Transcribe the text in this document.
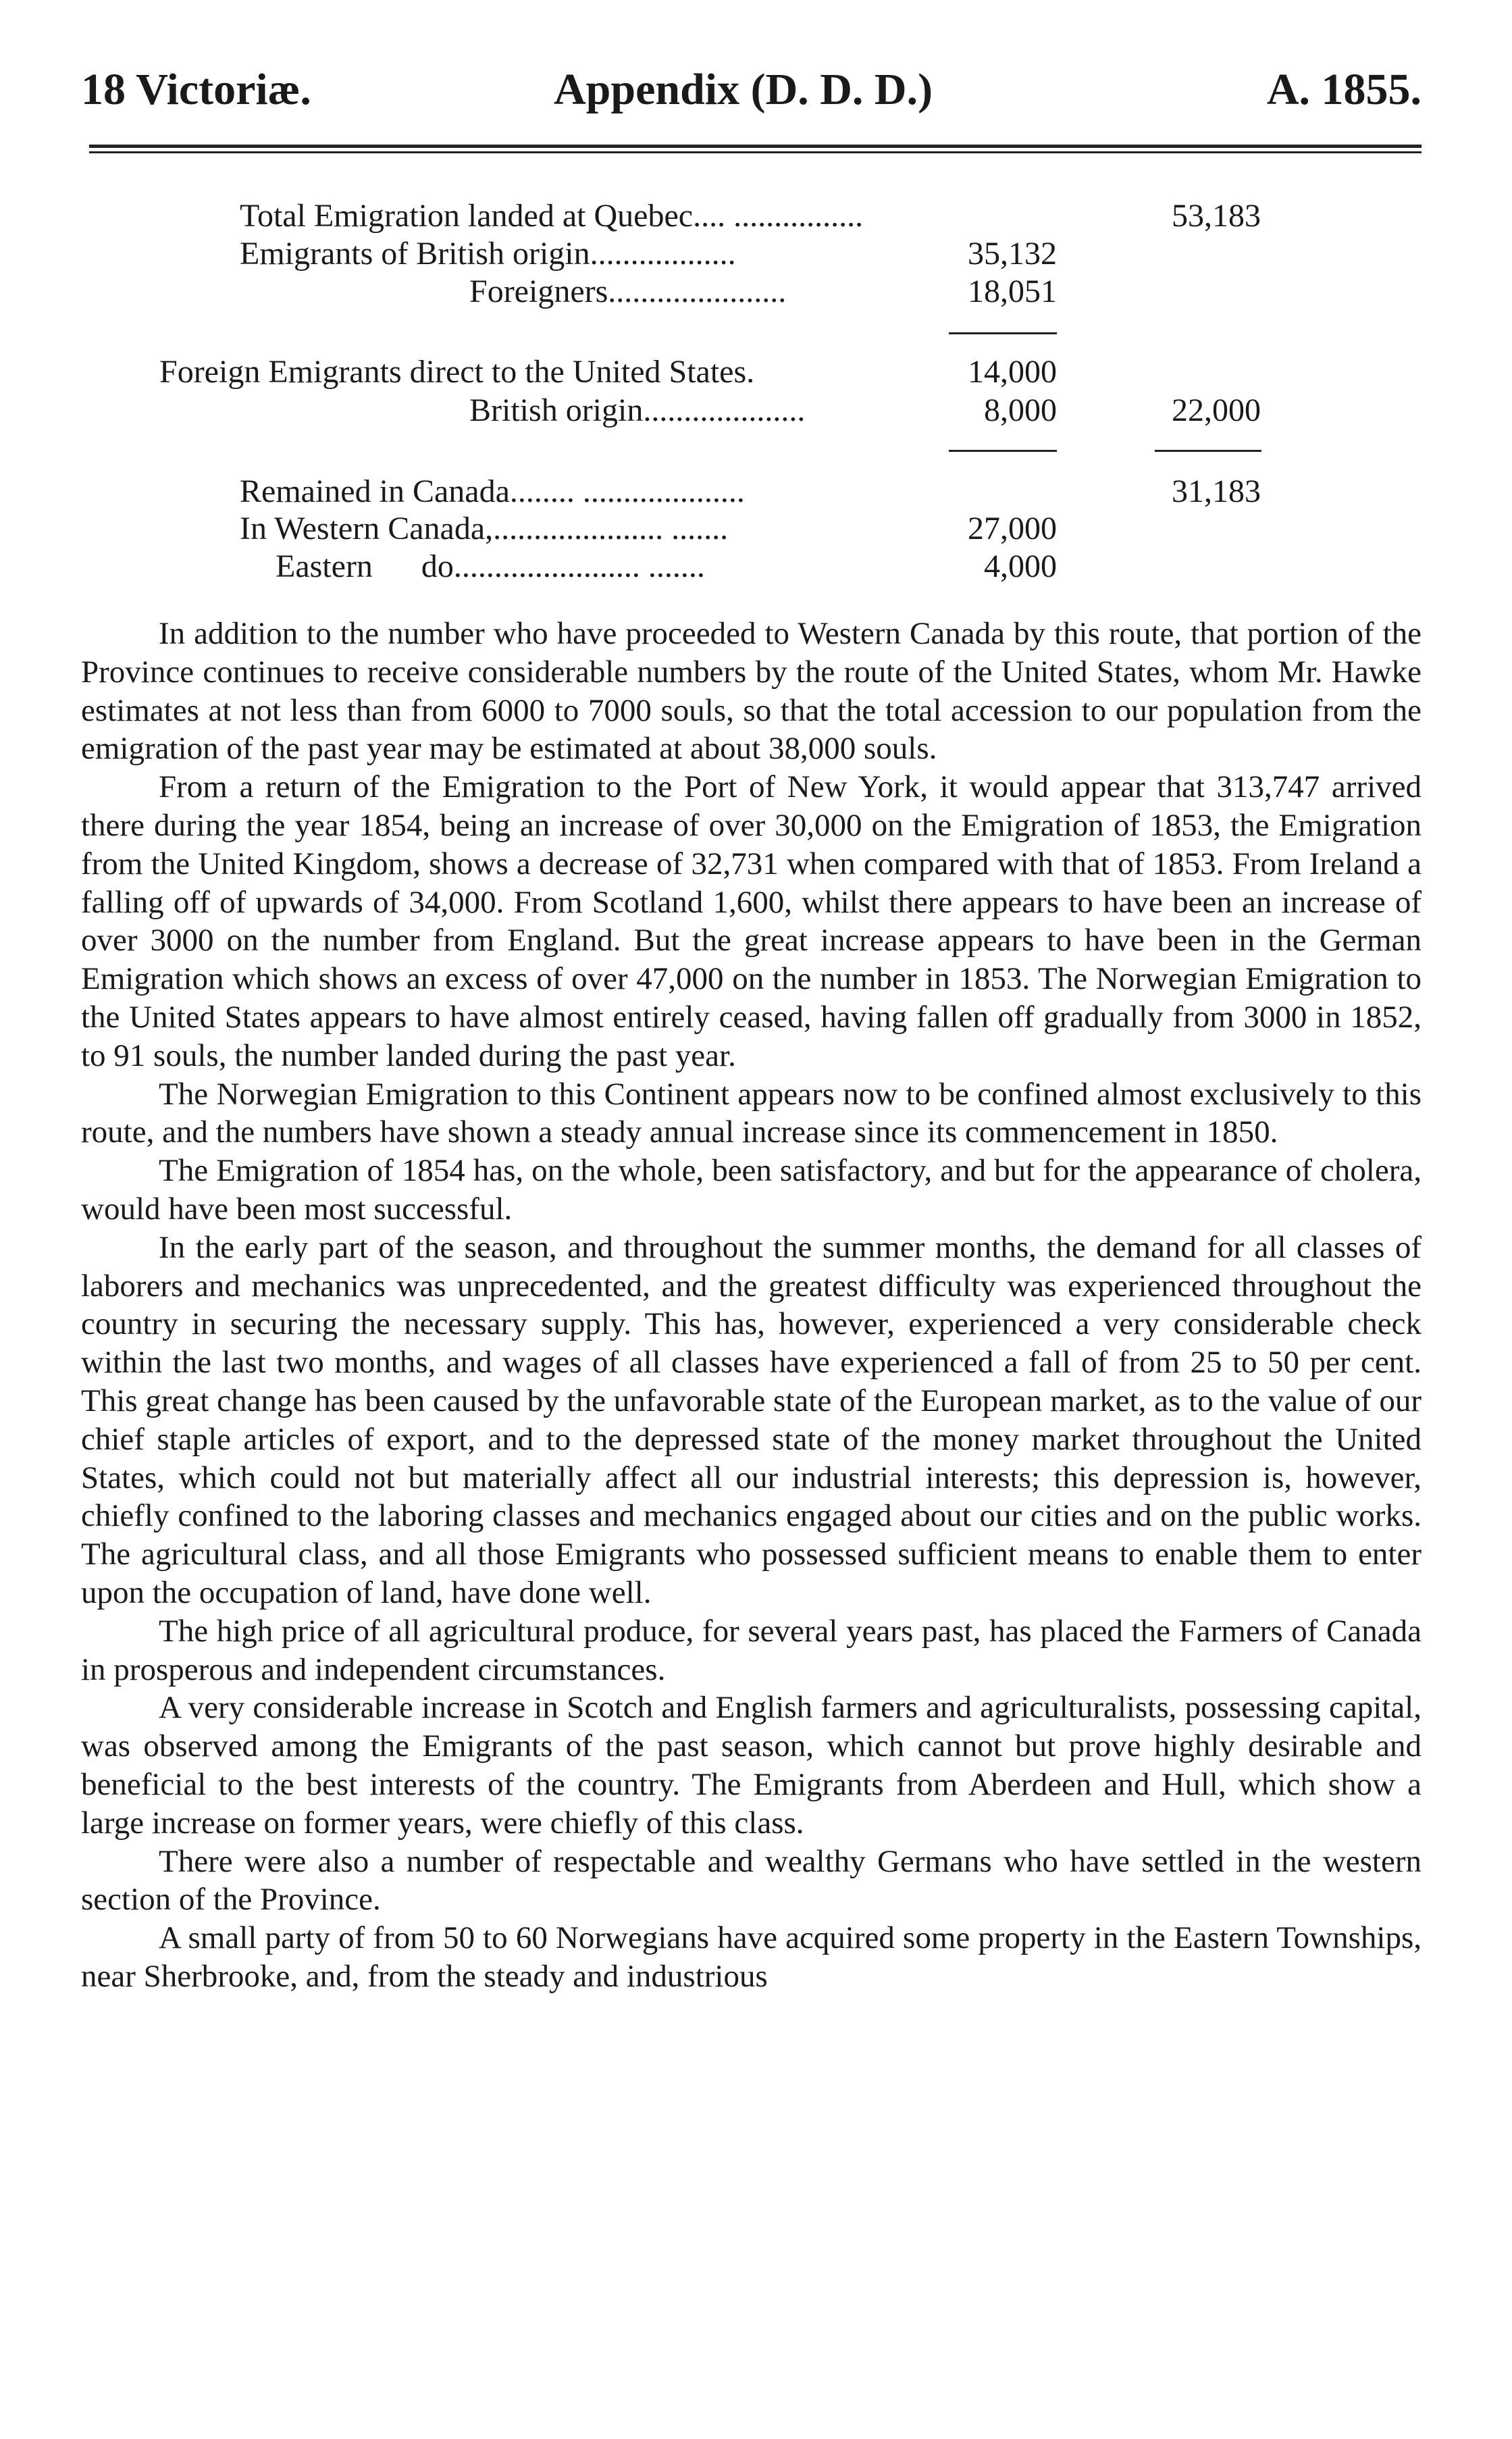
18 Victoriæ.	Appendix (D. D. D.)	A. 1855.
Total Emigration landed at Quebec.... ................	53,183
Emigrants of British origin..................	35,132
Foreigners......................	18,051
Foreign Emigrants direct to the United States.	14,000
British origin....................	8,000	22,000
Remained in Canada........ ....................	31,183
In Western Canada,..................... .......	27,000
Eastern      do....................... .......	4,000

In addition to the number who have proceeded to Western Canada by this route, that portion of the Province continues to receive considerable numbers by the route of the United States, whom Mr. Hawke estimates at not less than from 6000 to 7000 souls, so that the total accession to our population from the emigration of the past year may be estimated at about 38,000 souls.

From a return of the Emigration to the Port of New York, it would appear that 313,747 arrived there during the year 1854, being an increase of over 30,000 on the Emigration of 1853, the Emigration from the United Kingdom, shows a decrease of 32,731 when compared with that of 1853. From Ireland a falling off of upwards of 34,000. From Scotland 1,600, whilst there appears to have been an increase of over 3000 on the number from England. But the great increase appears to have been in the German Emigration which shows an excess of over 47,000 on the number in 1853. The Norwegian Emigration to the United States appears to have almost entirely ceased, having fallen off gradually from 3000 in 1852, to 91 souls, the number landed during the past year.

The Norwegian Emigration to this Continent appears now to be confined almost exclusively to this route, and the numbers have shown a steady annual increase since its commencement in 1850.

The Emigration of 1854 has, on the whole, been satisfactory, and but for the appearance of cholera, would have been most successful.

In the early part of the season, and throughout the summer months, the demand for all classes of laborers and mechanics was unprecedented, and the greatest difficulty was experienced throughout the country in securing the necessary supply. This has, however, experienced a very considerable check within the last two months, and wages of all classes have experienced a fall of from 25 to 50 per cent. This great change has been caused by the unfavorable state of the European market, as to the value of our chief staple articles of export, and to the depressed state of the money market throughout the United States, which could not but materially affect all our industrial interests; this depression is, however, chiefly confined to the laboring classes and mechanics engaged about our cities and on the public works. The agricultural class, and all those Emigrants who possessed sufficient means to enable them to enter upon the occupation of land, have done well.

The high price of all agricultural produce, for several years past, has placed the Farmers of Canada in prosperous and independent circumstances.

A very considerable increase in Scotch and English farmers and agriculturalists, possessing capital, was observed among the Emigrants of the past season, which cannot but prove highly desirable and beneficial to the best interests of the country. The Emigrants from Aberdeen and Hull, which show a large increase on former years, were chiefly of this class.

There were also a number of respectable and wealthy Germans who have settled in the western section of the Province.

A small party of from 50 to 60 Norwegians have acquired some property in the Eastern Townships, near Sherbrooke, and, from the steady and industrious
